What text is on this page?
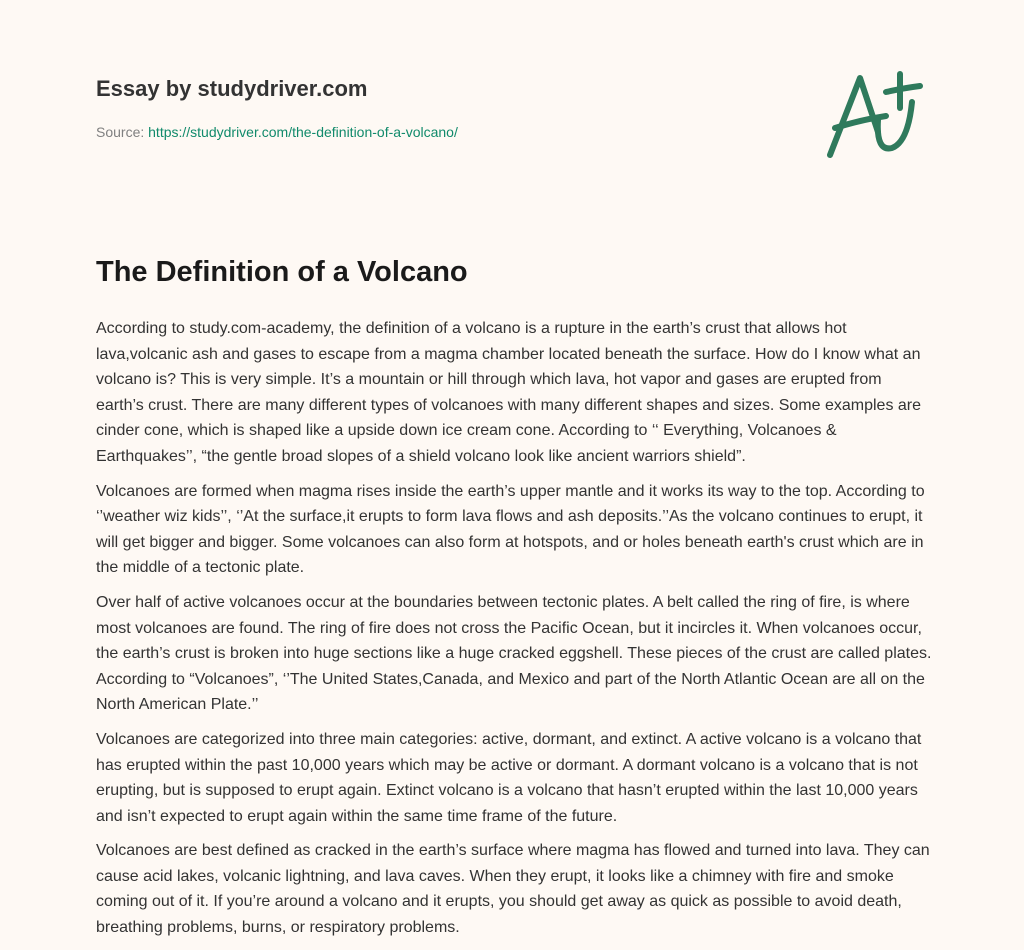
Essay by studydriver.com
Source: https://studydriver.com/the-definition-of-a-volcano/
The Definition of a Volcano

According to study.com-academy, the definition of a volcano is a rupture in the earth’s crust that allows hot lava,volcanic ash and gases to escape from a magma chamber located beneath the surface. How do I know what an volcano is? This is very simple. It’s a mountain or hill through which lava, hot vapor and gases are erupted from earth’s crust. There are many different types of volcanoes with many different shapes and sizes. Some examples are cinder cone, which is shaped like a upside down ice cream cone. According to ‘‘ Everything, Volcanoes & Earthquakes’’, “the gentle broad slopes of a shield volcano look like ancient warriors shield”.

Volcanoes are formed when magma rises inside the earth’s upper mantle and it works its way to the top. According to ‘’weather wiz kids’’, ‘’At the surface,it erupts to form lava flows and ash deposits.’’As the volcano continues to erupt, it will get bigger and bigger. Some volcanoes can also form at hotspots, and or holes beneath earth's crust which are in the middle of a tectonic plate.

Over half of active volcanoes occur at the boundaries between tectonic plates. A belt called the ring of fire, is where most volcanoes are found. The ring of fire does not cross the Pacific Ocean, but it incircles it. When volcanoes occur, the earth’s crust is broken into huge sections like a huge cracked eggshell. These pieces of the crust are called plates. According to “Volcanoes”, ‘’The United States,Canada, and Mexico and part of the North Atlantic Ocean are all on the North American Plate.’’

Volcanoes are categorized into three main categories: active, dormant, and extinct. A active volcano is a volcano that has erupted within the past 10,000 years which may be active or dormant. A dormant volcano is a volcano that is not erupting, but is supposed to erupt again. Extinct volcano is a volcano that hasn’t erupted within the last 10,000 years and isn’t expected to erupt again within the same time frame of the future.

Volcanoes are best defined as cracked in the earth’s surface where magma has flowed and turned into lava. They can cause acid lakes, volcanic lightning, and lava caves. When they erupt, it looks like a chimney with fire and smoke coming out of it. If you’re around a volcano and it erupts, you should get away as quick as possible to avoid death, breathing problems, burns, or respiratory problems.
